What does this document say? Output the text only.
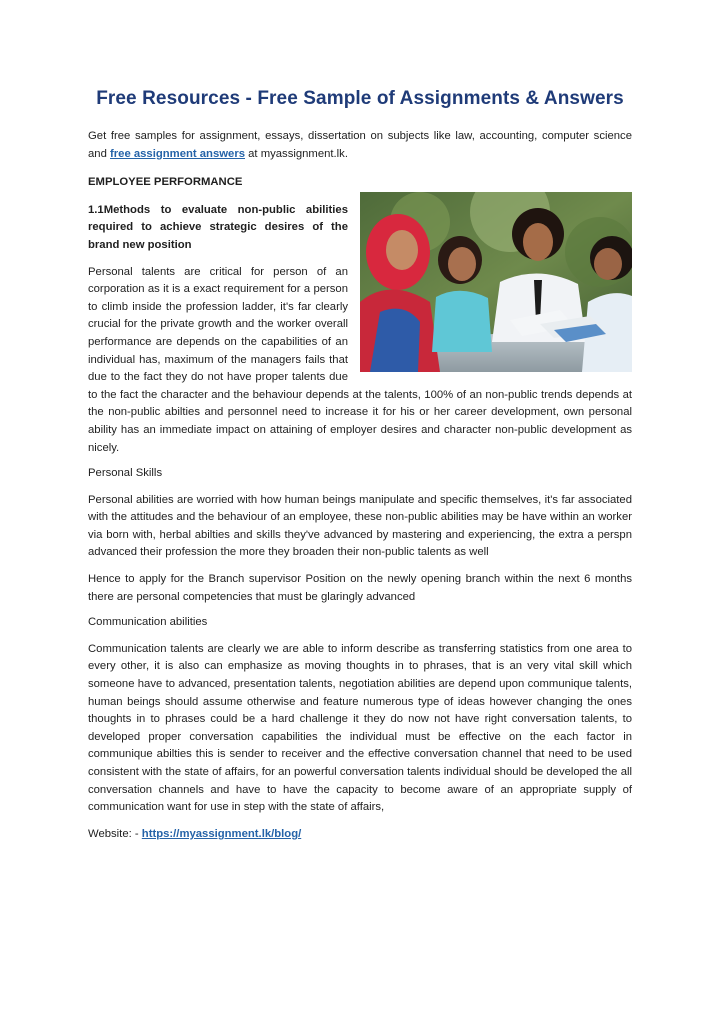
Free Resources - Free Sample of Assignments & Answers

Get free samples for assignment, essays, dissertation on subjects like law, accounting, computer science and free assignment answers at myassignment.lk.

EMPLOYEE PERFORMANCE

1.1Methods to evaluate non-public abilities required to achieve strategic desires of the brand new position

Personal talents are critical for person of an corporation as it is a exact requirement for a person to climb inside the profession ladder, it's far clearly crucial for the private growth and the worker overall performance are depends on the capabilities of an individual has, maximum of the managers fails that due to the fact they do not have proper talents due to the fact the character and the behaviour depends at the talents, 100% of an non-public trends depends at the non-public abilties and personnel need to increase it for his or her career development, own personal ability has an immediate impact on attaining of employer desires and character non-public development as nicely.

Personal Skills

Personal abilities are worried with how human beings manipulate and specific themselves, it's far associated with the attitudes and the behaviour of an employee, these non-public abilities may be have within an worker via born with, herbal abilties and skills they've advanced by mastering and experiencing, the extra a perspn advanced their profession the more they broaden their non-public talents as well

Hence to apply for the Branch supervisor Position on the newly opening branch within the next 6 months there are personal competencies that must be glaringly advanced

Communication abilities

Communication talents are clearly we are able to inform describe as transferring statistics from one area to every other, it is also can emphasize as moving thoughts in to phrases, that is an very vital skill which someone have to advanced, presentation talents, negotiation abilities are depend upon communique talents, human beings should assume otherwise and feature numerous type of ideas however changing the ones thoughts in to phrases could be a hard challenge it they do now not have right conversation talents, to developed proper conversation capabilities the individual must be effective on the each factor in communique abilties this is sender to receiver and the effective conversation channel that need to be used consistent with the state of affairs, for an powerful conversation talents individual should be developed the all conversation channels and have to have the capacity to become aware of an appropriate supply of communication want for use in step with the state of affairs,

Website: - https://myassignment.lk/blog/
